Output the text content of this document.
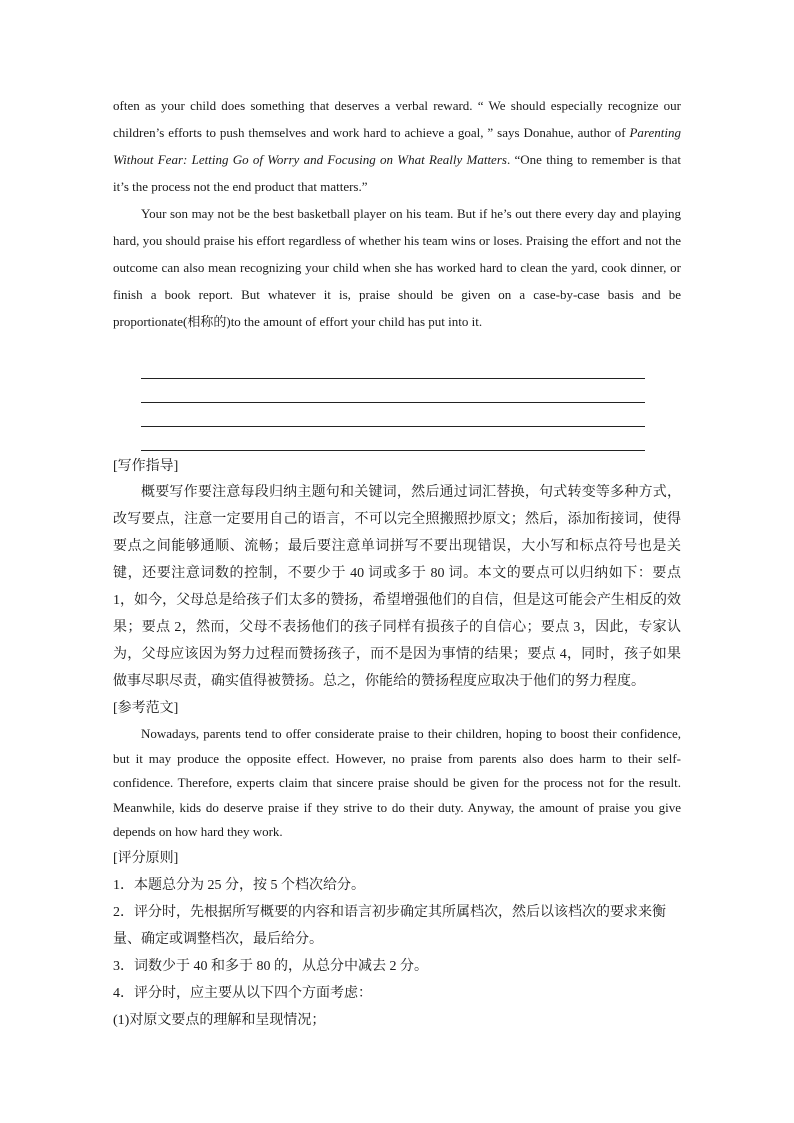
often as your child does something that deserves a verbal reward. “ We should especially recognize our children’s efforts to push themselves and work hard to achieve a goal, ” says Donahue, author of Parenting Without Fear: Letting Go of Worry and Focusing on What Really Matters. “One thing to remember is that it’s the process not the end product that matters.”

Your son may not be the best basketball player on his team. But if he’s out there every day and playing hard, you should praise his effort regardless of whether his team wins or loses. Praising the effort and not the outcome can also mean recognizing your child when she has worked hard to clean the yard, cook dinner, or finish a book report. But whatever it is, praise should be given on a case-by-case basis and be proportionate(相称的)to the amount of effort your child has put into it.

[写作指导]

概要写作要注意每段归纳主题句和关键词，然后通过词汇替换，句式转变等多种方式，改写要点，注意一定要用自己的语言，不可以完全照搬照抄原文；然后，添加衔接词，使得要点之间能够通顺、流畅；最后要注意单词拼写不要出现错误，大小写和标点符号也是关键，还要注意词数的控制，不要少于 40 词或多于 80 词。本文的要点可以归纳如下：要点 1，如今，父母总是给孩子们太多的赞扬，希望增强他们的自信，但是这可能会产生相反的效果；要点 2，然而，父母不表扬他们的孩子同样有损孩子的自信心；要点 3，因此，专家认为，父母应该因为努力过程而赞扬孩子，而不是因为事情的结果；要点 4，同时，孩子如果做事尽职尽责，确实值得被赞扬。总之，你能给的赞扬程度应取决于他们的努力程度。

[参考范文]

Nowadays, parents tend to offer considerate praise to their children, hoping to boost their confidence, but it may produce the opposite effect. However, no praise from parents also does harm to their self-confidence. Therefore, experts claim that sincere praise should be given for the process not for the result. Meanwhile, kids do deserve praise if they strive to do their duty. Anyway, the amount of praise you give depends on how hard they work.

[评分原则]

1．本题总分为 25 分，按 5 个档次给分。

2．评分时，先根据所写概要的内容和语言初步确定其所属档次，然后以该档次的要求来衡量、确定或调整档次，最后给分。

3．词数少于 40 和多于 80 的，从总分中减去 2 分。

4．评分时，应主要从以下四个方面考虑：

(1)对原文要点的理解和呈现情况；
